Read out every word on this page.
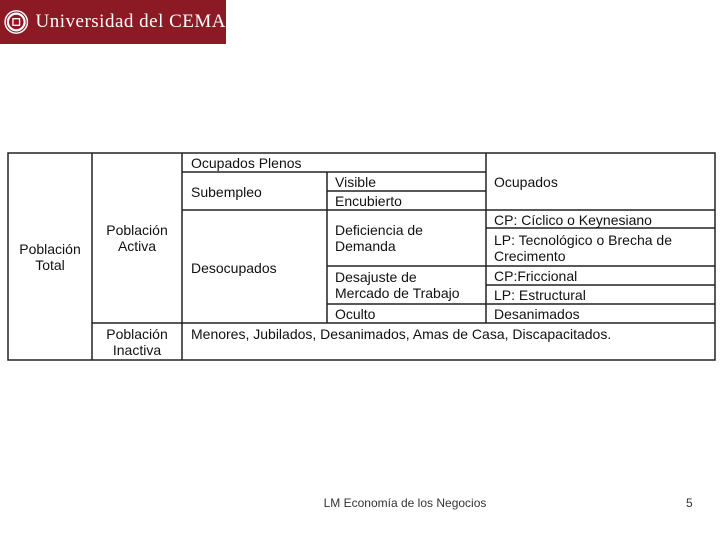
Universidad del CEMA
Población
Total
Población
Activa
Población
Inactiva
Ocupados Plenos
Subempleo
Visible
Encubierto
Ocupados
Desocupados
Deficiencia de
Demanda
Desajuste de
Mercado de Trabajo
Oculto
CP: Cíclico o Keynesiano
LP: Tecnológico o Brecha de
Crecimento
CP:Friccional
LP: Estructural
Desanimados
Menores, Jubilados, Desanimados, Amas de Casa, Discapacitados.
LM Economía de los Negocios	5
